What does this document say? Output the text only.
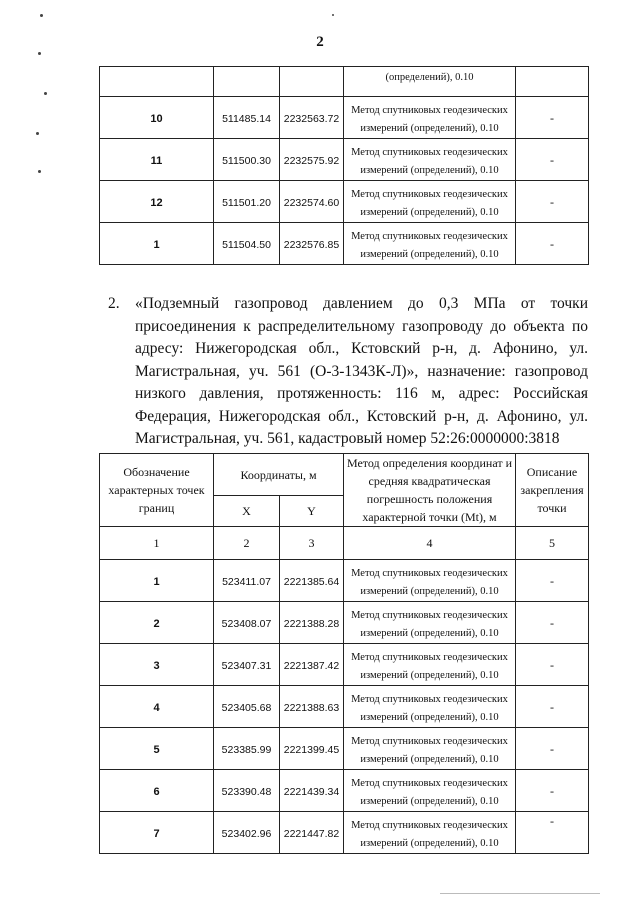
2
			(определений), 0.10	
10	511485.14	2232563.72	Метод спутниковых геодезических измерений (определений), 0.10	-
11	511500.30	2232575.92	Метод спутниковых геодезических измерений (определений), 0.10	-
12	511501.20	2232574.60	Метод спутниковых геодезических измерений (определений), 0.10	-
1	511504.50	2232576.85	Метод спутниковых геодезических измерений (определений), 0.10	-
2. «Подземный газопровод давлением до 0,3 МПа от точки присоединения к распределительному газопроводу до объекта по адресу: Нижегородская обл., Кстовский р-н, д. Афонино, ул. Магистральная, уч. 561 (О-3-1343К-Л)», назначение: газопровод низкого давления, протяженность: 116 м, адрес: Российская Федерация, Нижегородская обл., Кстовский р-н, д. Афонино, ул. Магистральная, уч. 561, кадастровый номер 52:26:0000000:3818
Обозначение характерных точек границ	Координаты, м		Метод определения координат и средняя квадратическая погрешность положения характерной точки (Mt), м	Описание закрепления точки
	X	Y		
1	2	3	4	5
1	523411.07	2221385.64	Метод спутниковых геодезических измерений (определений), 0.10	-
2	523408.07	2221388.28	Метод спутниковых геодезических измерений (определений), 0.10	-
3	523407.31	2221387.42	Метод спутниковых геодезических измерений (определений), 0.10	-
4	523405.68	2221388.63	Метод спутниковых геодезических измерений (определений), 0.10	-
5	523385.99	2221399.45	Метод спутниковых геодезических измерений (определений), 0.10	-
6	523390.48	2221439.34	Метод спутниковых геодезических измерений (определений), 0.10	-
7	523402.96	2221447.82	Метод спутниковых геодезических измерений (определений), 0.10	-
